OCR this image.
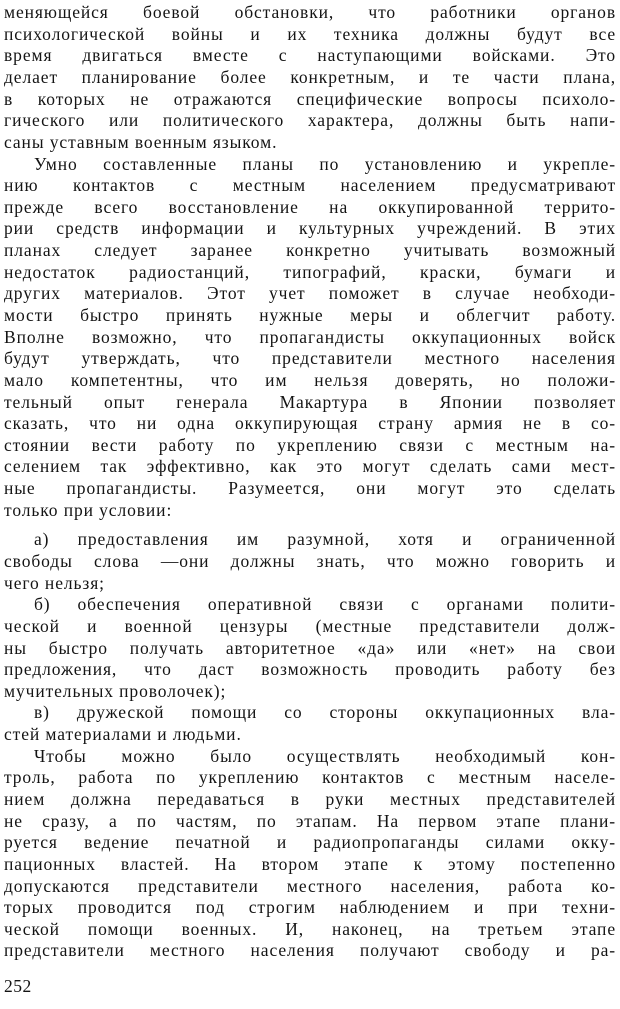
меняющейся боевой обстановки, что работники органов
психологической войны и их техника должны будут все
время двигаться вместе с наступающими войсками. Это
делает планирование более конкретным, и те части плана,
в которых не отражаются специфические вопросы психоло-
гического или политического характера, должны быть напи-
саны уставным военным языком.
Умно составленные планы по установлению и укрепле-
нию контактов с местным населением предусматривают
прежде всего восстановление на оккупированной террито-
рии средств информации и культурных учреждений. В этих
планах следует заранее конкретно учитывать возможный
недостаток радиостанций, типографий, краски, бумаги и
других материалов. Этот учет поможет в случае необходи-
мости быстро принять нужные меры и облегчит работу.
Вполне возможно, что пропагандисты оккупационных войск
будут утверждать, что представители местного населения
мало компетентны, что им нельзя доверять, но положи-
тельный опыт генерала Макартура в Японии позволяет
сказать, что ни одна оккупирующая страну армия не в со-
стоянии вести работу по укреплению связи с местным на-
селением так эффективно, как это могут сделать сами мест-
ные пропагандисты. Разумеется, они могут это сделать
только при условии:
а) предоставления им разумной, хотя и ограниченной
свободы слова —они должны знать, что можно говорить и
чего нельзя;
б) обеспечения оперативной связи с органами полити-
ческой и военной цензуры (местные представители долж-
ны быстро получать авторитетное «да» или «нет» на свои
предложения, что даст возможность проводить работу без
мучительных проволочек);
в) дружеской помощи со стороны оккупационных вла-
стей материалами и людьми.
Чтобы можно было осуществлять необходимый кон-
троль, работа по укреплению контактов с местным населе-
нием должна передаваться в руки местных представителей
не сразу, а по частям, по этапам. На первом этапе плани-
руется ведение печатной и радиопропаганды силами окку-
пационных властей. На втором этапе к этому постепенно
допускаются представители местного населения, работа ко-
торых проводится под строгим наблюдением и при техни-
ческой помощи военных. И, наконец, на третьем этапе
представители местного населения получают свободу и ра-
252
